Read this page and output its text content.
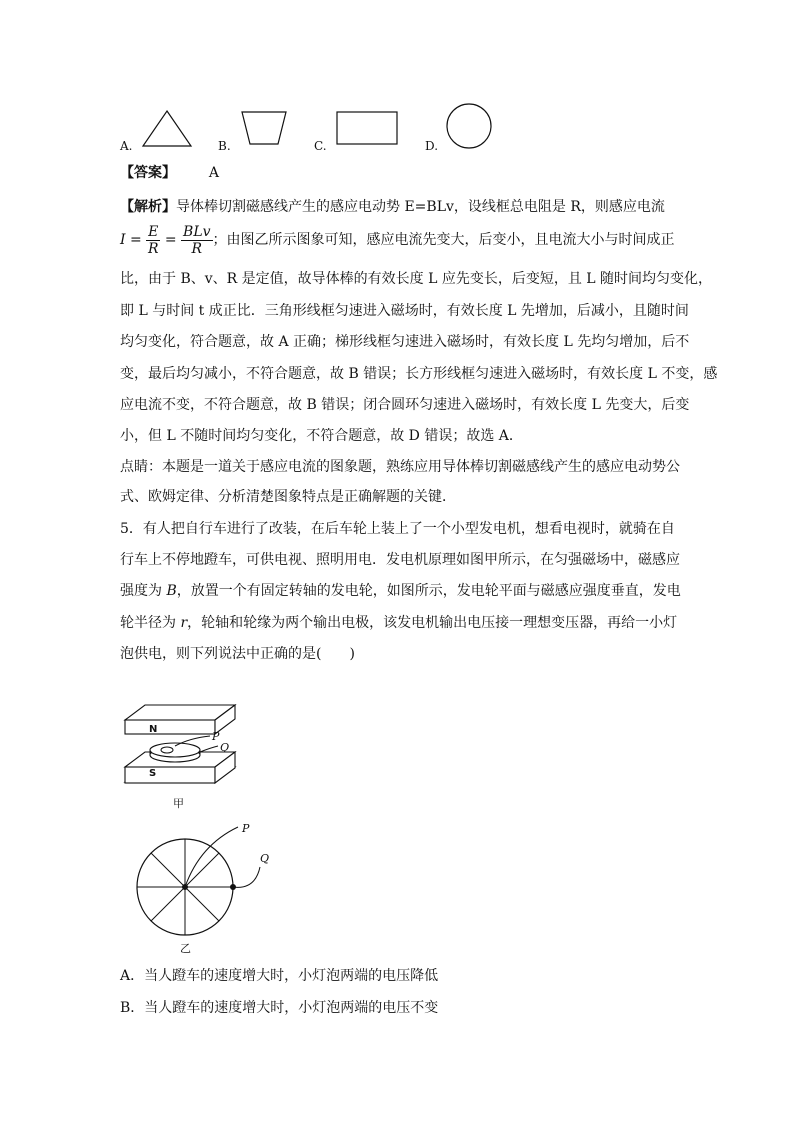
A.	B.	C.	D.
【答案】 A
【解析】导体棒切割磁感线产生的感应电动势 E=BLv，设线框总电阻是 R，则感应电流
$I = \frac{E}{R} = \frac{\text{BLv}}{R}$ ；由图乙所示图象可知，感应电流先变大，后变小，且电流大小与时间成正
比，由于 B、v、R 是定值，故导体棒的有效长度 L 应先变长，后变短，且 L 随时间均匀变化，
即 L 与时间 t 成正比．三角形线框匀速进入磁场时，有效长度 L 先增加，后减小，且随时间
均匀变化，符合题意，故 A 正确；梯形线框匀速进入磁场时，有效长度 L 先均匀增加，后不
变，最后均匀减小，不符合题意，故 B 错误；长方形线框匀速进入磁场时，有效长度 L 不变，感
应电流不变，不符合题意，故 B 错误；闭合圆环匀速进入磁场时，有效长度 L 先变大，后变
小，但 L 不随时间均匀变化，不符合题意，故 D 错误；故选 A．
点睛：本题是一道关于感应电流的图象题，熟练应用导体棒切割磁感线产生的感应电动势公
式、欧姆定律、分析清楚图象特点是正确解题的关键．
5．有人把自行车进行了改装，在后车轮上装上了一个小型发电机，想看电视时，就骑在自
行车上不停地蹬车，可供电视、照明用电．发电机原理如图甲所示，在匀强磁场中，磁感应
强度为 B，放置一个有固定转轴的发电轮，如图所示，发电轮平面与磁感应强度垂直，发电
轮半径为 r，轮轴和轮缘为两个输出电极，该发电机输出电压接一理想变压器，再给一小灯
泡供电，则下列说法中正确的是(　　)
N
S
P
Q
甲
P
Q
乙
A．当人蹬车的速度增大时，小灯泡两端的电压降低
B．当人蹬车的速度增大时，小灯泡两端的电压不变
